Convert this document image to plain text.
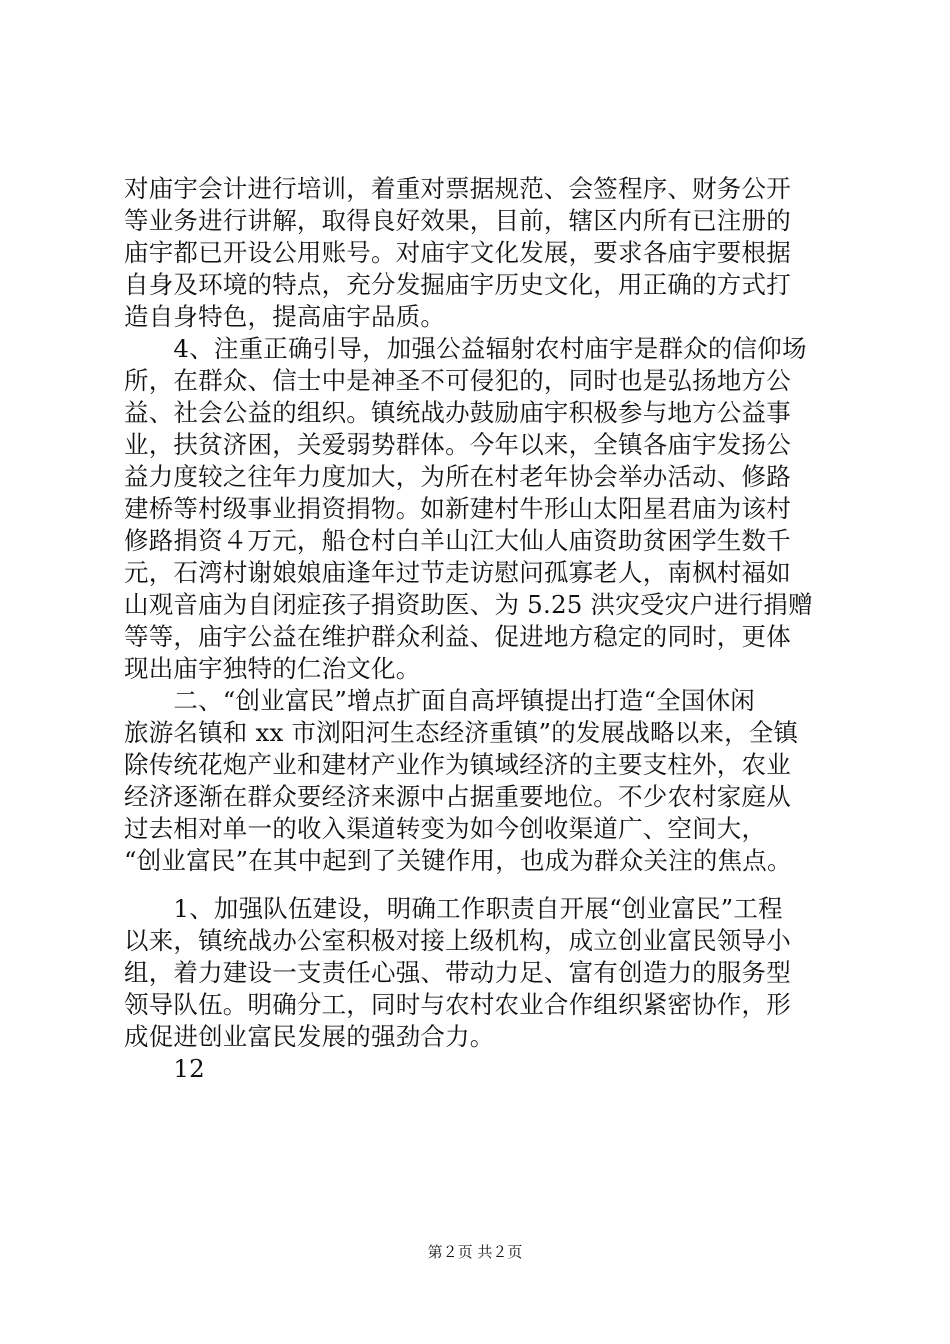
对庙宇会计进行培训，着重对票据规范、会签程序、财务公开
等业务进行讲解，取得良好效果，目前，辖区内所有已注册的
庙宇都已开设公用账号。对庙宇文化发展，要求各庙宇要根据
自身及环境的特点，充分发掘庙宇历史文化，用正确的方式打
造自身特色，提高庙宇品质。
　　4、注重正确引导，加强公益辐射农村庙宇是群众的信仰场
所，在群众、信士中是神圣不可侵犯的，同时也是弘扬地方公
益、社会公益的组织。镇统战办鼓励庙宇积极参与地方公益事
业，扶贫济困，关爱弱势群体。今年以来，全镇各庙宇发扬公
益力度较之往年力度加大，为所在村老年协会举办活动、修路
建桥等村级事业捐资捐物。如新建村牛形山太阳星君庙为该村
修路捐资４万元，船仓村白羊山江大仙人庙资助贫困学生数千
元，石湾村谢娘娘庙逢年过节走访慰问孤寡老人，南枫村福如
山观音庙为自闭症孩子捐资助医、为 5.25 洪灾受灾户进行捐赠
等等，庙宇公益在维护群众利益、促进地方稳定的同时，更体
现出庙宇独特的仁治文化。
　　二、“创业富民”增点扩面自高坪镇提出打造“全国休闲
旅游名镇和 xx 市浏阳河生态经济重镇”的发展战略以来，全镇
除传统花炮产业和建材产业作为镇域经济的主要支柱外，农业
经济逐渐在群众要经济来源中占据重要地位。不少农村家庭从
过去相对单一的收入渠道转变为如今创收渠道广、空间大，
“创业富民”在其中起到了关键作用，也成为群众关注的焦点。
　　1、加强队伍建设，明确工作职责自开展“创业富民”工程
以来，镇统战办公室积极对接上级机构，成立创业富民领导小
组，着力建设一支责任心强、带动力足、富有创造力的服务型
领导队伍。明确分工，同时与农村农业合作组织紧密协作，形
成促进创业富民发展的强劲合力。
　　12
第２页 共２页
